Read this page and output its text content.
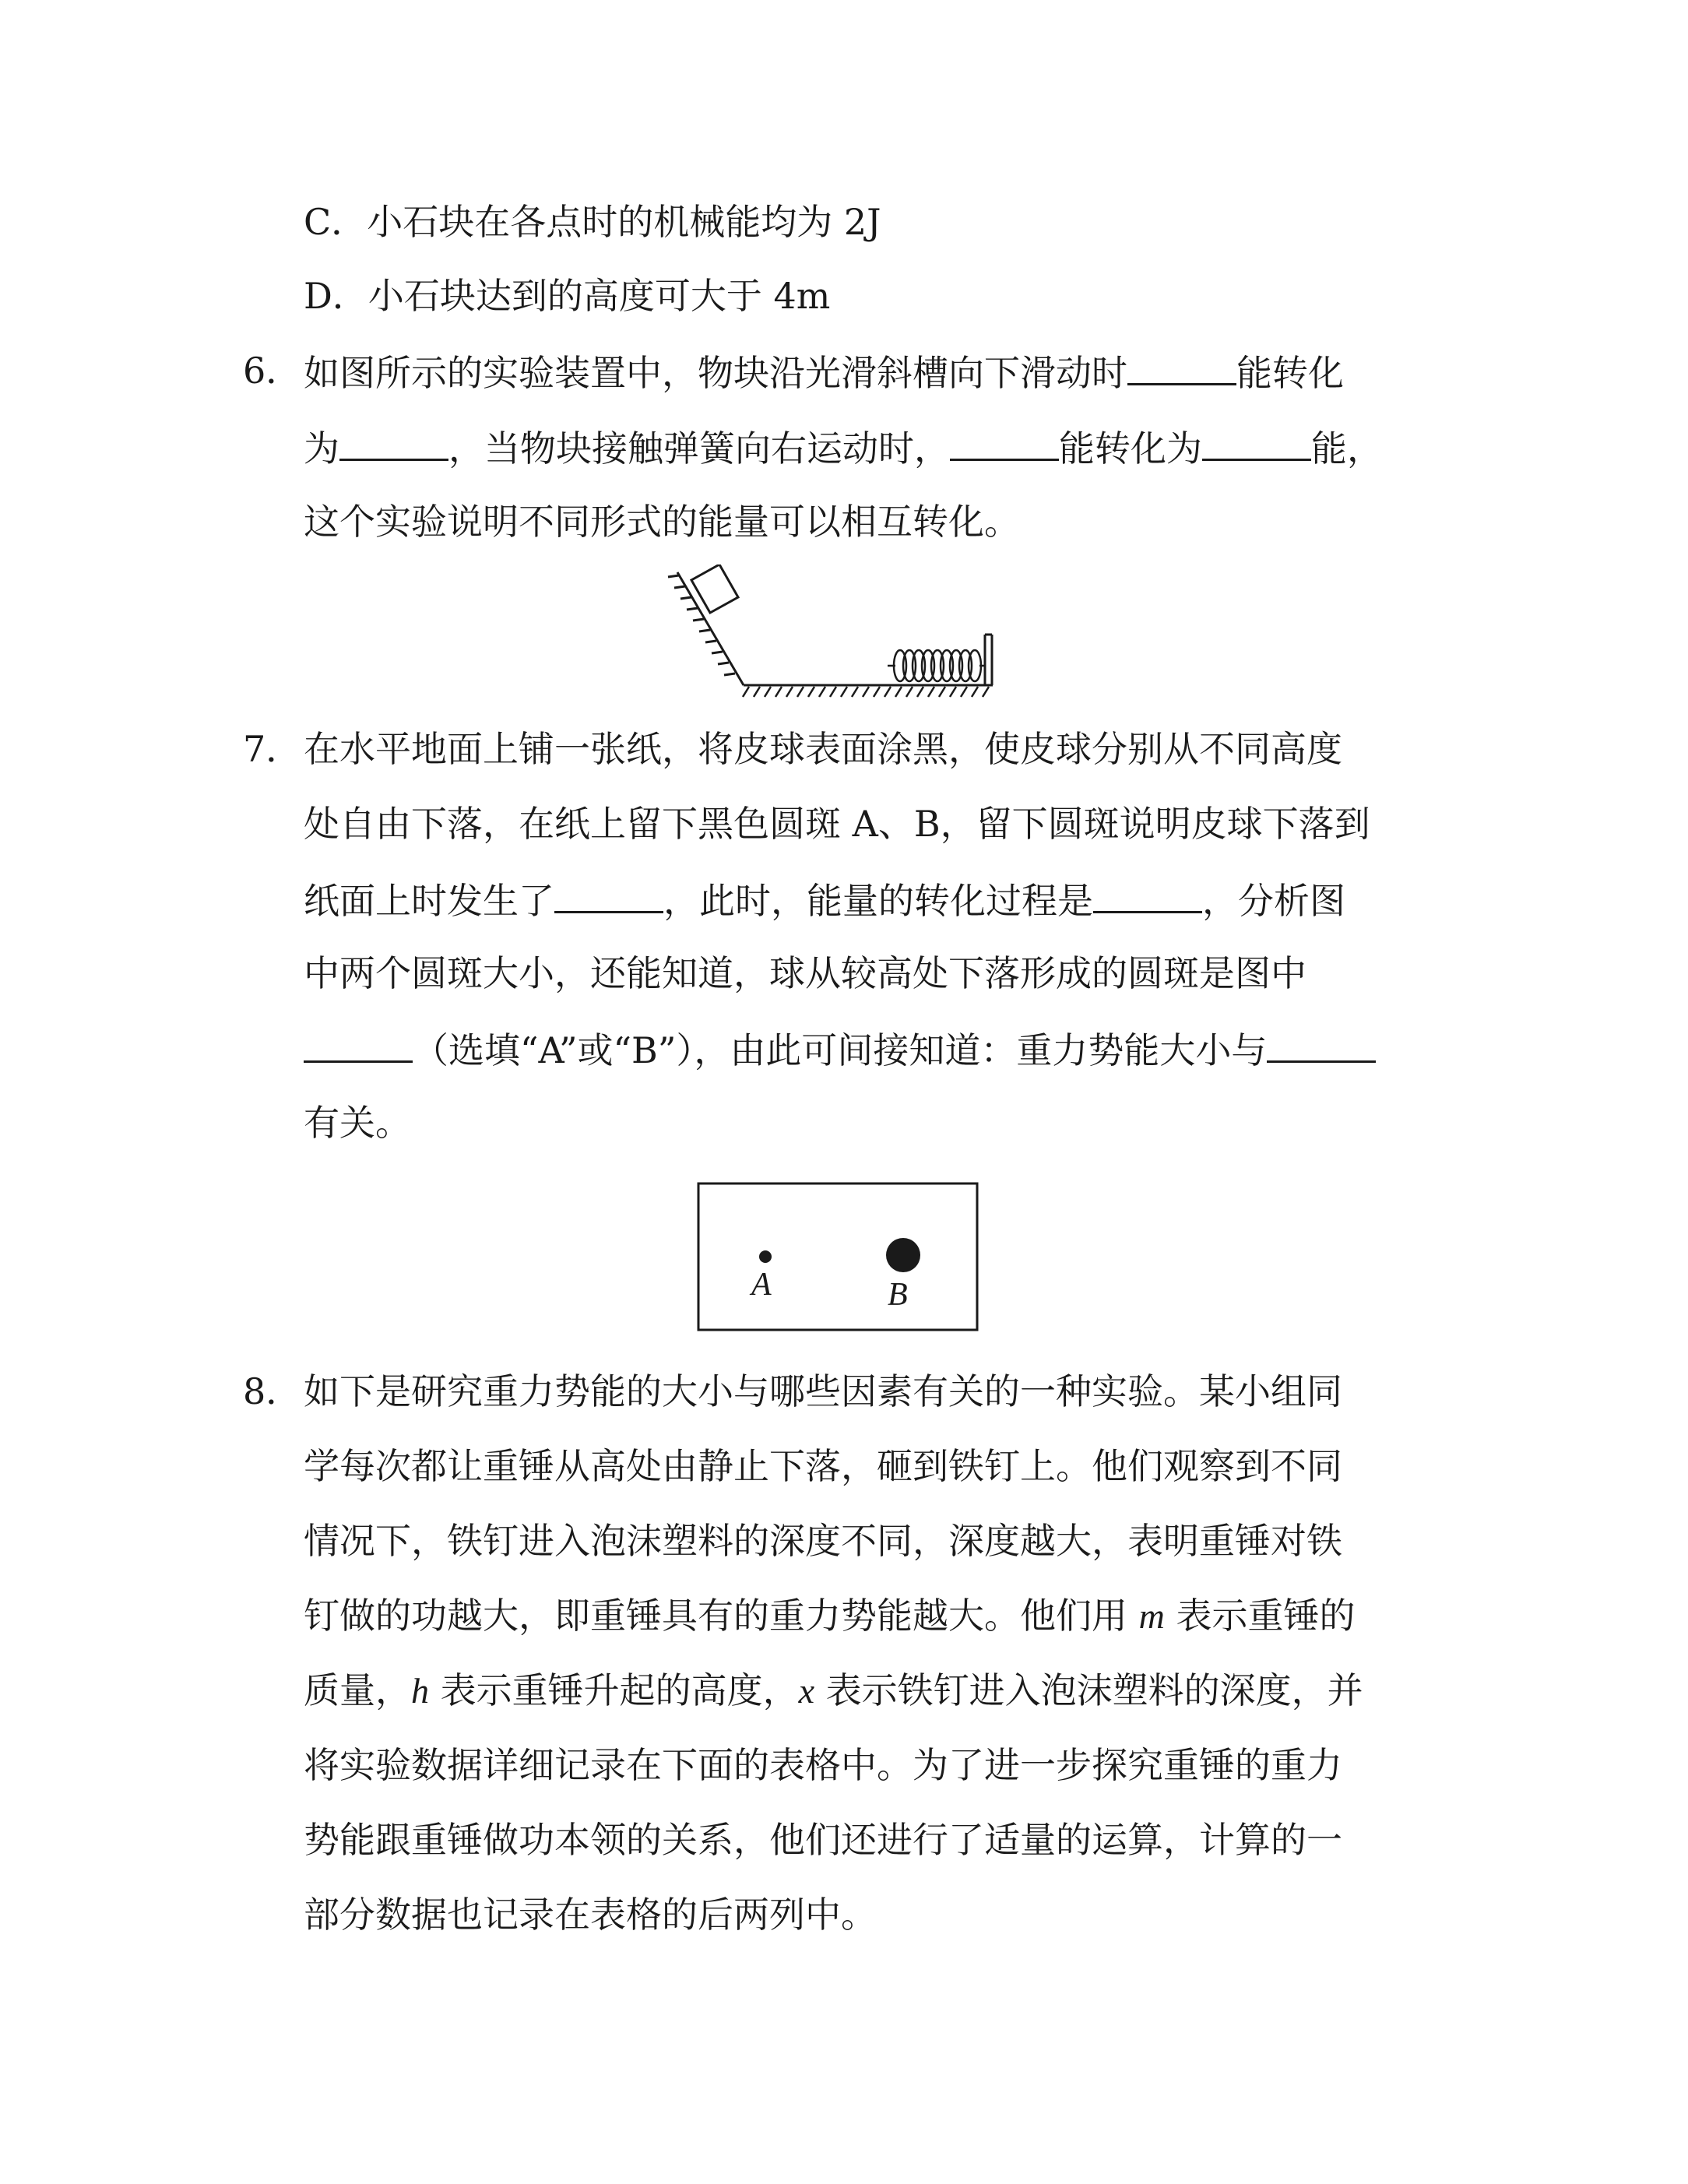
C．小石块在各点时的机械能均为 2J
D．小石块达到的高度可大于 4m
6． 如图所示的实验装置中，物块沿光滑斜槽向下滑动时	能转化
为	，当物块接触弹簧向右运动时，	能转化为	能，
这个实验说明不同形式的能量可以相互转化。
7． 在水平地面上铺一张纸，将皮球表面涂黑，使皮球分别从不同高度
处自由下落，在纸上留下黑色圆斑 A、B，留下圆斑说明皮球下落到
纸面上时发生了	，此时，能量的转化过程是	，分析图
中两个圆斑大小，还能知道，球从较高处下落形成的圆斑是图中
（选填“A”或“B”），由此可间接知道：重力势能大小与
有关。
A	B
8． 如下是研究重力势能的大小与哪些因素有关的一种实验。某小组同
学每次都让重锤从高处由静止下落，砸到铁钉上。他们观察到不同
情况下，铁钉进入泡沫塑料的深度不同，深度越大，表明重锤对铁
钉做的功越大，即重锤具有的重力势能越大。他们用 m 表示重锤的
质量，h 表示重锤升起的高度，x 表示铁钉进入泡沫塑料的深度，并
将实验数据详细记录在下面的表格中。为了进一步探究重锤的重力
势能跟重锤做功本领的关系，他们还进行了适量的运算，计算的一
部分数据也记录在表格的后两列中。
